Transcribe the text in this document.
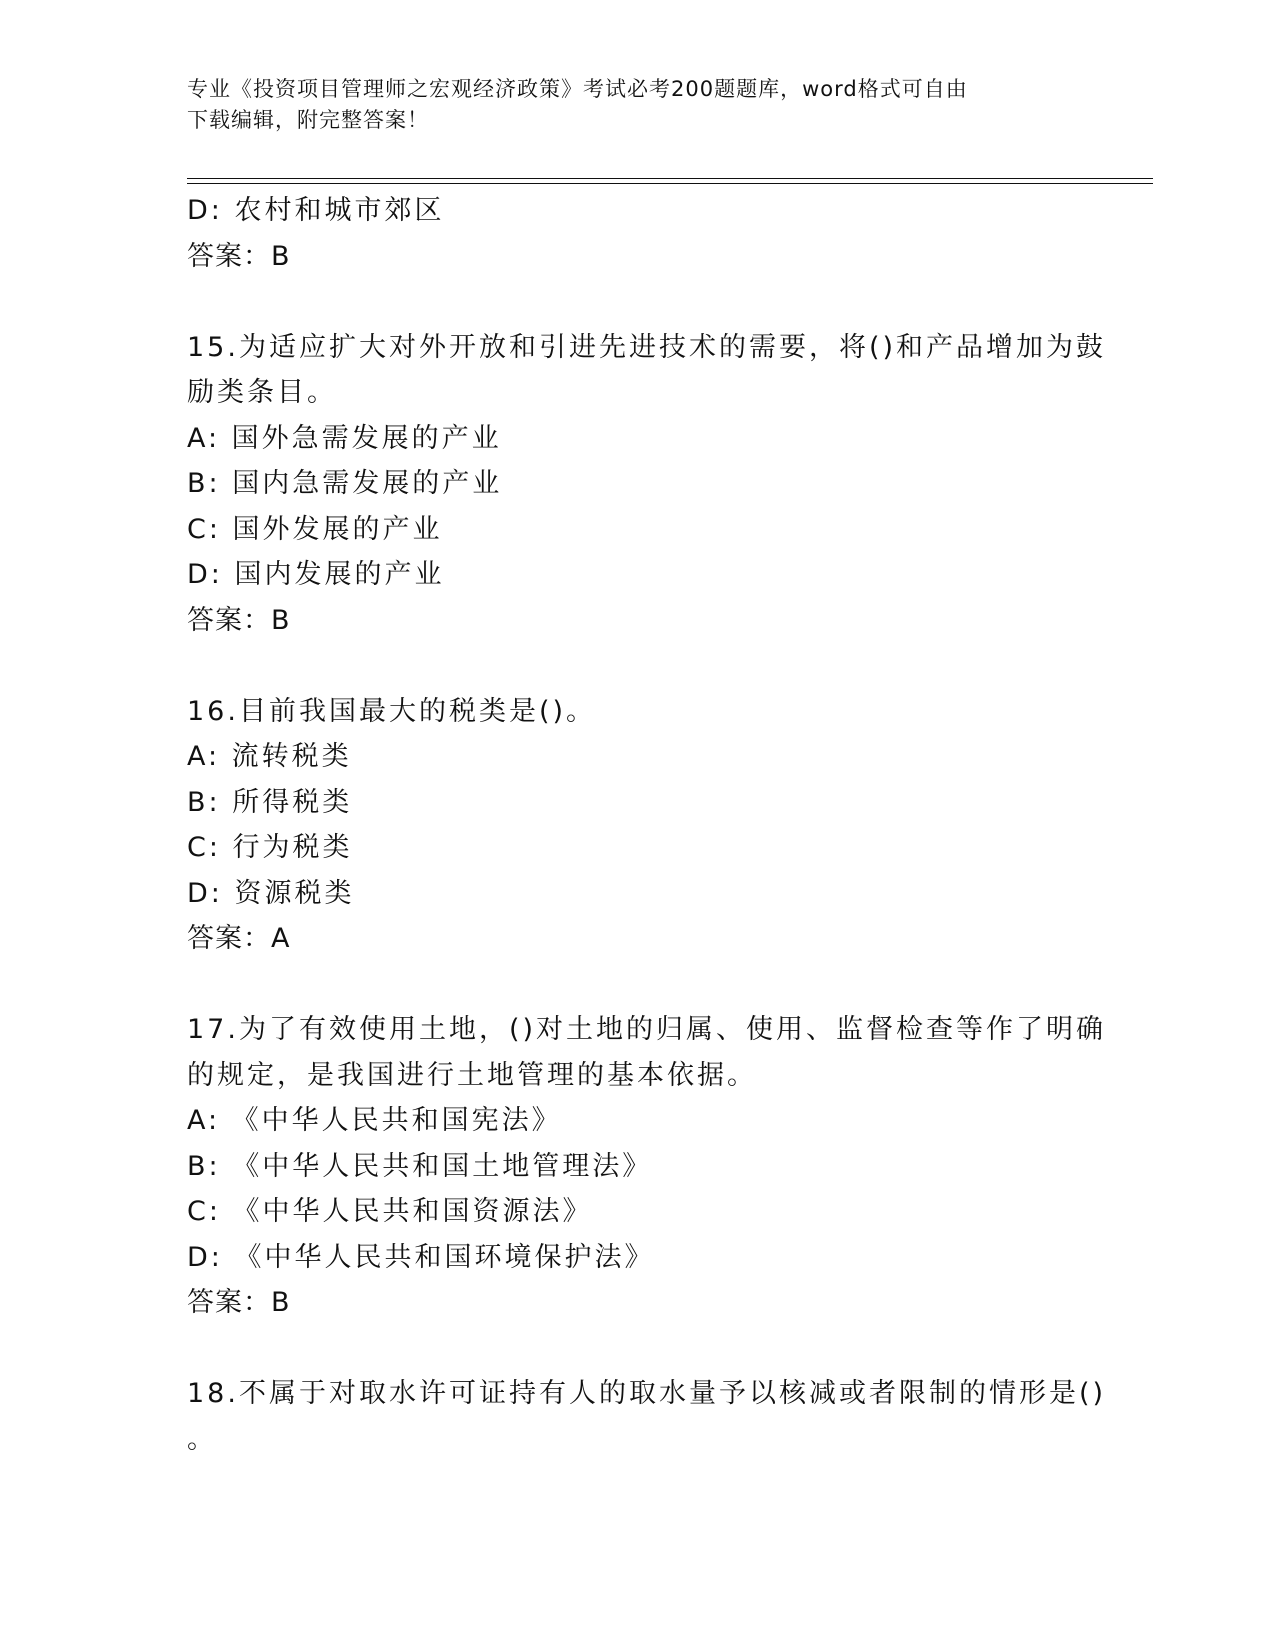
专业《投资项目管理师之宏观经济政策》考试必考200题题库，word格式可自由
下载编辑，附完整答案！
D: 农村和城市郊区
答案：B
15.为适应扩大对外开放和引进先进技术的需要，将()和产品增加为鼓
励类条目。
A: 国外急需发展的产业
B: 国内急需发展的产业
C: 国外发展的产业
D: 国内发展的产业
答案：B
16.目前我国最大的税类是()。
A: 流转税类
B: 所得税类
C: 行为税类
D: 资源税类
答案：A
17.为了有效使用土地，()对土地的归属、使用、监督检查等作了明确
的规定，是我国进行土地管理的基本依据。
A: 《中华人民共和国宪法》
B: 《中华人民共和国土地管理法》
C: 《中华人民共和国资源法》
D: 《中华人民共和国环境保护法》
答案：B
18.不属于对取水许可证持有人的取水量予以核减或者限制的情形是()
。
